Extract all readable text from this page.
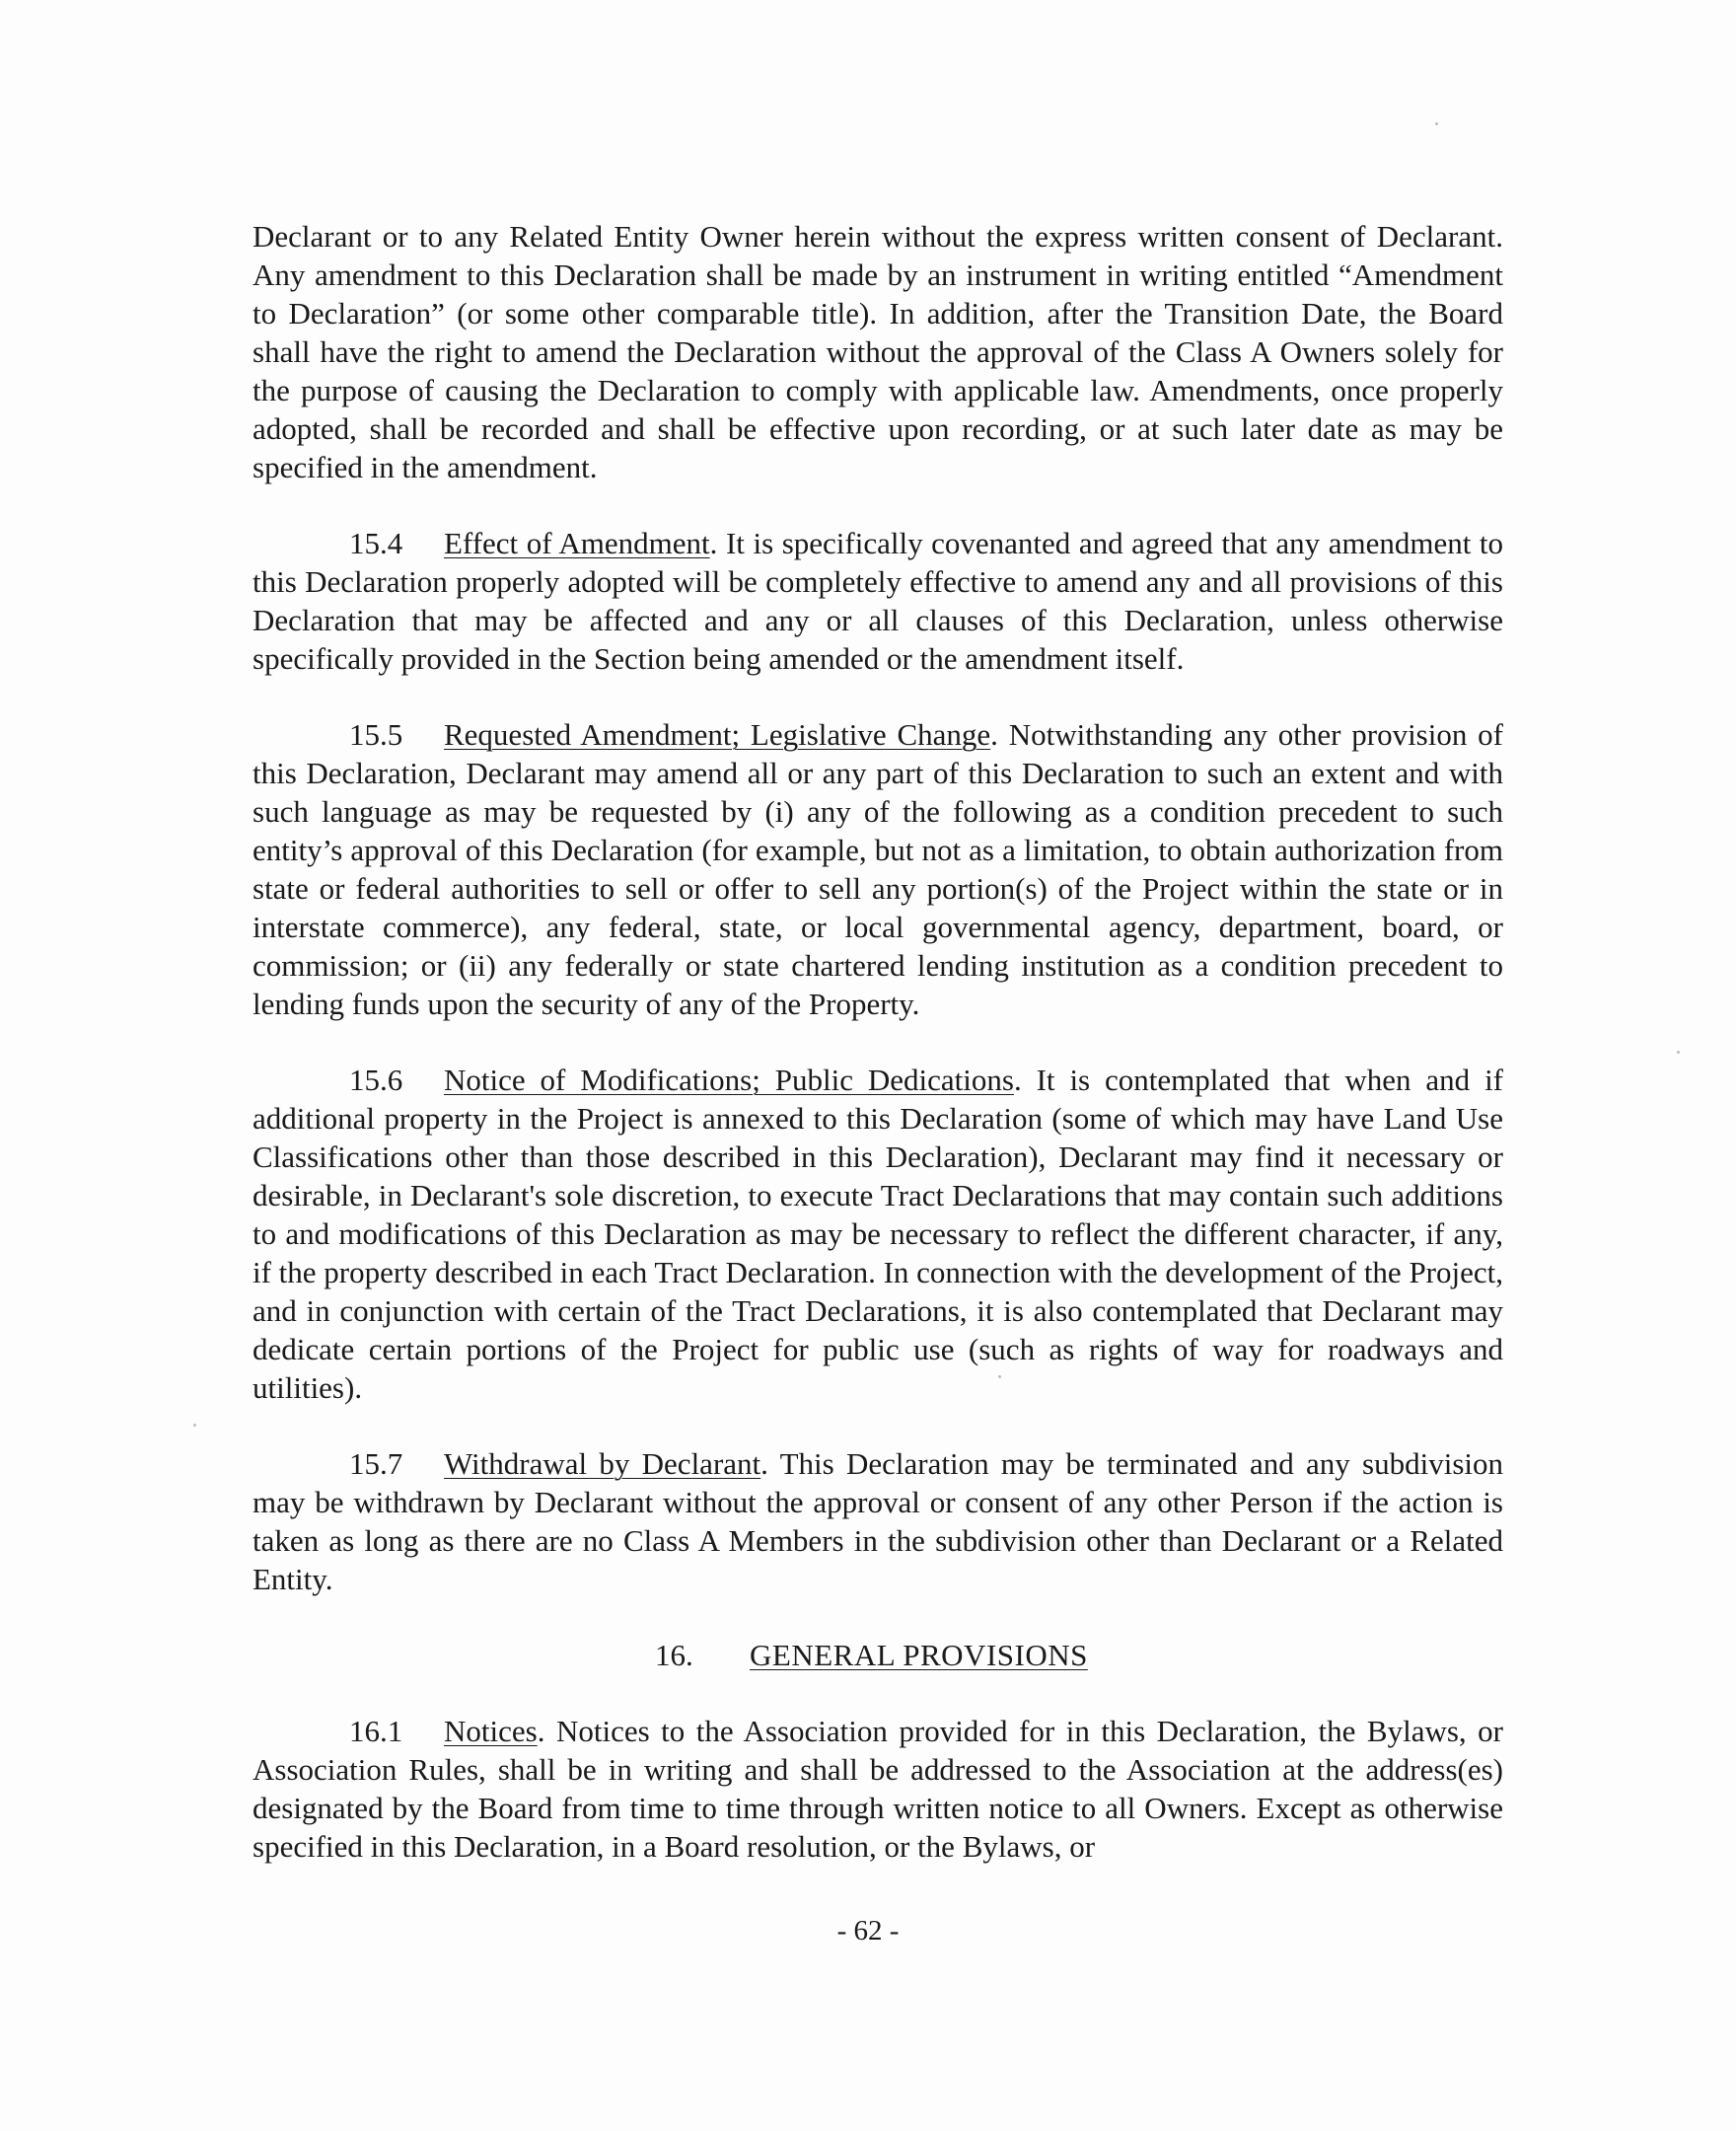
Declarant or to any Related Entity Owner herein without the express written consent of Declarant. Any amendment to this Declaration shall be made by an instrument in writing entitled “Amendment to Declaration” (or some other comparable title). In addition, after the Transition Date, the Board shall have the right to amend the Declaration without the approval of the Class A Owners solely for the purpose of causing the Declaration to comply with applicable law. Amendments, once properly adopted, shall be recorded and shall be effective upon recording, or at such later date as may be specified in the amendment.

15.4 Effect of Amendment. It is specifically covenanted and agreed that any amendment to this Declaration properly adopted will be completely effective to amend any and all provisions of this Declaration that may be affected and any or all clauses of this Declaration, unless otherwise specifically provided in the Section being amended or the amendment itself.

15.5 Requested Amendment; Legislative Change. Notwithstanding any other provision of this Declaration, Declarant may amend all or any part of this Declaration to such an extent and with such language as may be requested by (i) any of the following as a condition precedent to such entity’s approval of this Declaration (for example, but not as a limitation, to obtain authorization from state or federal authorities to sell or offer to sell any portion(s) of the Project within the state or in interstate commerce), any federal, state, or local governmental agency, department, board, or commission; or (ii) any federally or state chartered lending institution as a condition precedent to lending funds upon the security of any of the Property.

15.6 Notice of Modifications; Public Dedications. It is contemplated that when and if additional property in the Project is annexed to this Declaration (some of which may have Land Use Classifications other than those described in this Declaration), Declarant may find it necessary or desirable, in Declarant's sole discretion, to execute Tract Declarations that may contain such additions to and modifications of this Declaration as may be necessary to reflect the different character, if any, if the property described in each Tract Declaration. In connection with the development of the Project, and in conjunction with certain of the Tract Declarations, it is also contemplated that Declarant may dedicate certain portions of the Project for public use (such as rights of way for roadways and utilities).

15.7 Withdrawal by Declarant. This Declaration may be terminated and any subdivision may be withdrawn by Declarant without the approval or consent of any other Person if the action is taken as long as there are no Class A Members in the subdivision other than Declarant or a Related Entity.

16. GENERAL PROVISIONS

16.1 Notices. Notices to the Association provided for in this Declaration, the Bylaws, or Association Rules, shall be in writing and shall be addressed to the Association at the address(es) designated by the Board from time to time through written notice to all Owners. Except as otherwise specified in this Declaration, in a Board resolution, or the Bylaws, or

- 62 -
